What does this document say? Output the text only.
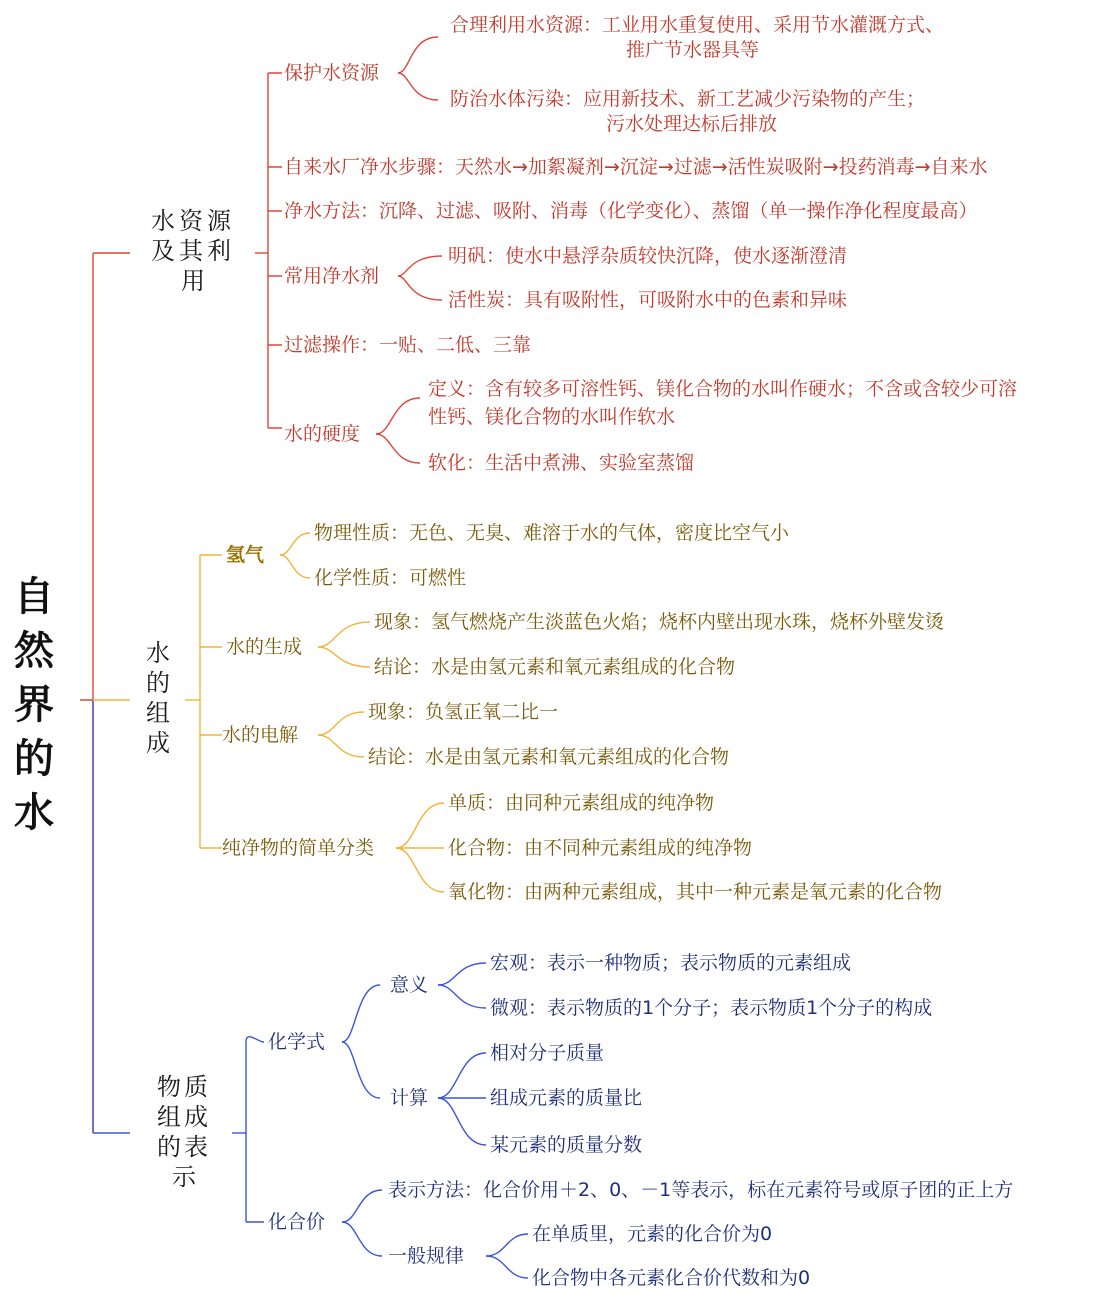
自然界的水
水资源
及其利
用
保护水资源
合理利用水资源：工业用水重复使用、采用节水灌溉方式、
推广节水器具等
防治水体污染：应用新技术、新工艺减少污染物的产生；
污水处理达标后排放
自来水厂净水步骤：天然水→加絮凝剂→沉淀→过滤→活性炭吸附→投药消毒→自来水
净水方法：沉降、过滤、吸附、消毒（化学变化）、蒸馏（单一操作净化程度最高）
常用净水剂
明矾：使水中悬浮杂质较快沉降，使水逐渐澄清
活性炭：具有吸附性，可吸附水中的色素和异味
过滤操作：一贴、二低、三靠
水的硬度
定义：含有较多可溶性钙、镁化合物的水叫作硬水；不含或含较少可溶
性钙、镁化合物的水叫作软水
软化：生活中煮沸、实验室蒸馏
水
的
组
成
氢气
物理性质：无色、无臭、难溶于水的气体，密度比空气小
化学性质：可燃性
水的生成
现象：氢气燃烧产生淡蓝色火焰；烧杯内壁出现水珠，烧杯外壁发烫
结论：水是由氢元素和氧元素组成的化合物
水的电解
现象：负氢正氧二比一
结论：水是由氢元素和氧元素组成的化合物
纯净物的简单分类
单质：由同种元素组成的纯净物
化合物：由不同种元素组成的纯净物
氧化物：由两种元素组成，其中一种元素是氧元素的化合物
物质
组成
的表
示
化学式
意义
宏观：表示一种物质；表示物质的元素组成
微观：表示物质的1个分子；表示物质1个分子的构成
计算
相对分子质量
组成元素的质量比
某元素的质量分数
化合价
表示方法：化合价用＋2、0、－1等表示，标在元素符号或原子团的正上方
一般规律
在单质里，元素的化合价为0
化合物中各元素化合价代数和为0
